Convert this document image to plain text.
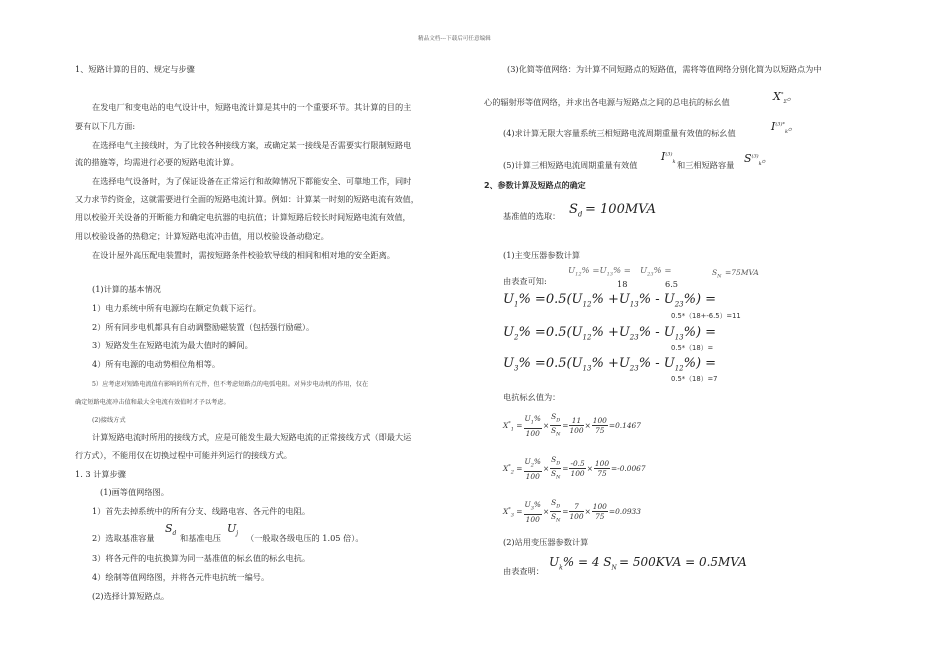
精品文档---下载后可任意编辑
1、短路计算的目的、规定与步骤
在发电厂和变电站的电气设计中，短路电流计算是其中的一个重要环节。其计算的目的主
要有以下几方面:
在选择电气主接线时，为了比较各种接线方案，或确定某一接线是否需要实行限制短路电
流的措施等，均需进行必要的短路电流计算。
在选择电气设备时，为了保证设备在正常运行和故障情况下都能安全、可靠地工作，同时
又力求节约资金，这就需要进行全面的短路电流计算。例如：计算某一时刻的短路电流有效值，
用以校验开关设备的开断能力和确定电抗器的电抗值；计算短路后较长时间短路电流有效值，
用以校验设备的热稳定；计算短路电流冲击值，用以校验设备动稳定。
在设计屋外高压配电装置时，需按短路条件校验软导线的相间和相对地的安全距离。
(1)计算的基本情况
1）电力系统中所有电源均在额定负载下运行。
2）所有同步电机都具有自动调整励磁装置（包括强行励磁）。
3）短路发生在短路电流为最大值时的瞬间。
4）所有电源的电动势相位角相等。
5）应考虑对短路电流值有影响的所有元件，但不考虑短路点的电弧电阻。对异步电动机的作用，仅在
确定短路电流冲击值和最大全电流有效值时才予以考虑。
(2)接线方式
计算短路电流时所用的接线方式，应是可能发生最大短路电流的正常接线方式（即最大运
行方式），不能用仅在切换过程中可能并列运行的接线方式。
1. 3 计算步骤
(1)画等值网络图。
1）首先去掉系统中的所有分支、线路电容、各元件的电阻。
2）选取基准容量
$S_d$ 和基准电压
$U_j$ （一般取各级电压的 1.05 倍）。
3）将各元件的电抗换算为同一基准值的标幺值的标幺电抗。
4）绘制等值网络图，并将各元件电抗统一编号。
(2)选择计算短路点。
(3)化简等值网络：为计算不同短路点的短路值，需将等值网络分别化简为以短路点为中
心的辐射形等值网络，并求出各电源与短路点之间的总电抗的标幺值	$X^*_\Sigma$。
(4)求计算无限大容量系统三相短路电流周期重量有效值的标幺值	$I^{(3)*}_k$。
(5)计算三相短路电流周期重量有效值
$I^{(3)}_k$ 和三相短路容量 $S^{(3)}_k$。
2、参数计算及短路点的确定
基准值的选取： $S_d = 100MVA$
(1)主变压器参数计算
由表查可知:
$U_{12}\% =U_{13}\%$ =
18
$U_{23}\%$ =
6.5
$S_N =75MVA$
$U_1\% =0.5(U_{12}\% +U_{13}\% - U_{23}\%)$ =
0.5*（18+-6.5）=11
$U_2\% =0.5(U_{12}\% +U_{23}\% - U_{13}\%)$ =
0.5*（18）=
$U_3\% =0.5(U_{13}\% +U_{23}\% - U_{12}\%)$ =
0.5*（18）=7
电抗标幺值为：
$X^*_1 = \frac{U_1\%}{100} \times \frac{S_D}{S_N} = \frac{11}{100} \times \frac{100}{75} =0.1467$
$X^*_2 = \frac{U_2\%}{100} \times \frac{S_D}{S_N} = \frac{-0.5}{100} \times \frac{100}{75} =-0.0067$
$X^*_3 = \frac{U_3\%}{100} \times \frac{S_D}{S_N} = \frac{7}{100} \times \frac{100}{75} =0.0933$
(2)站用变压器参数计算
由表查明：
$U_k\% = 4$ $S_N = 500KVA = 0.5MVA$
